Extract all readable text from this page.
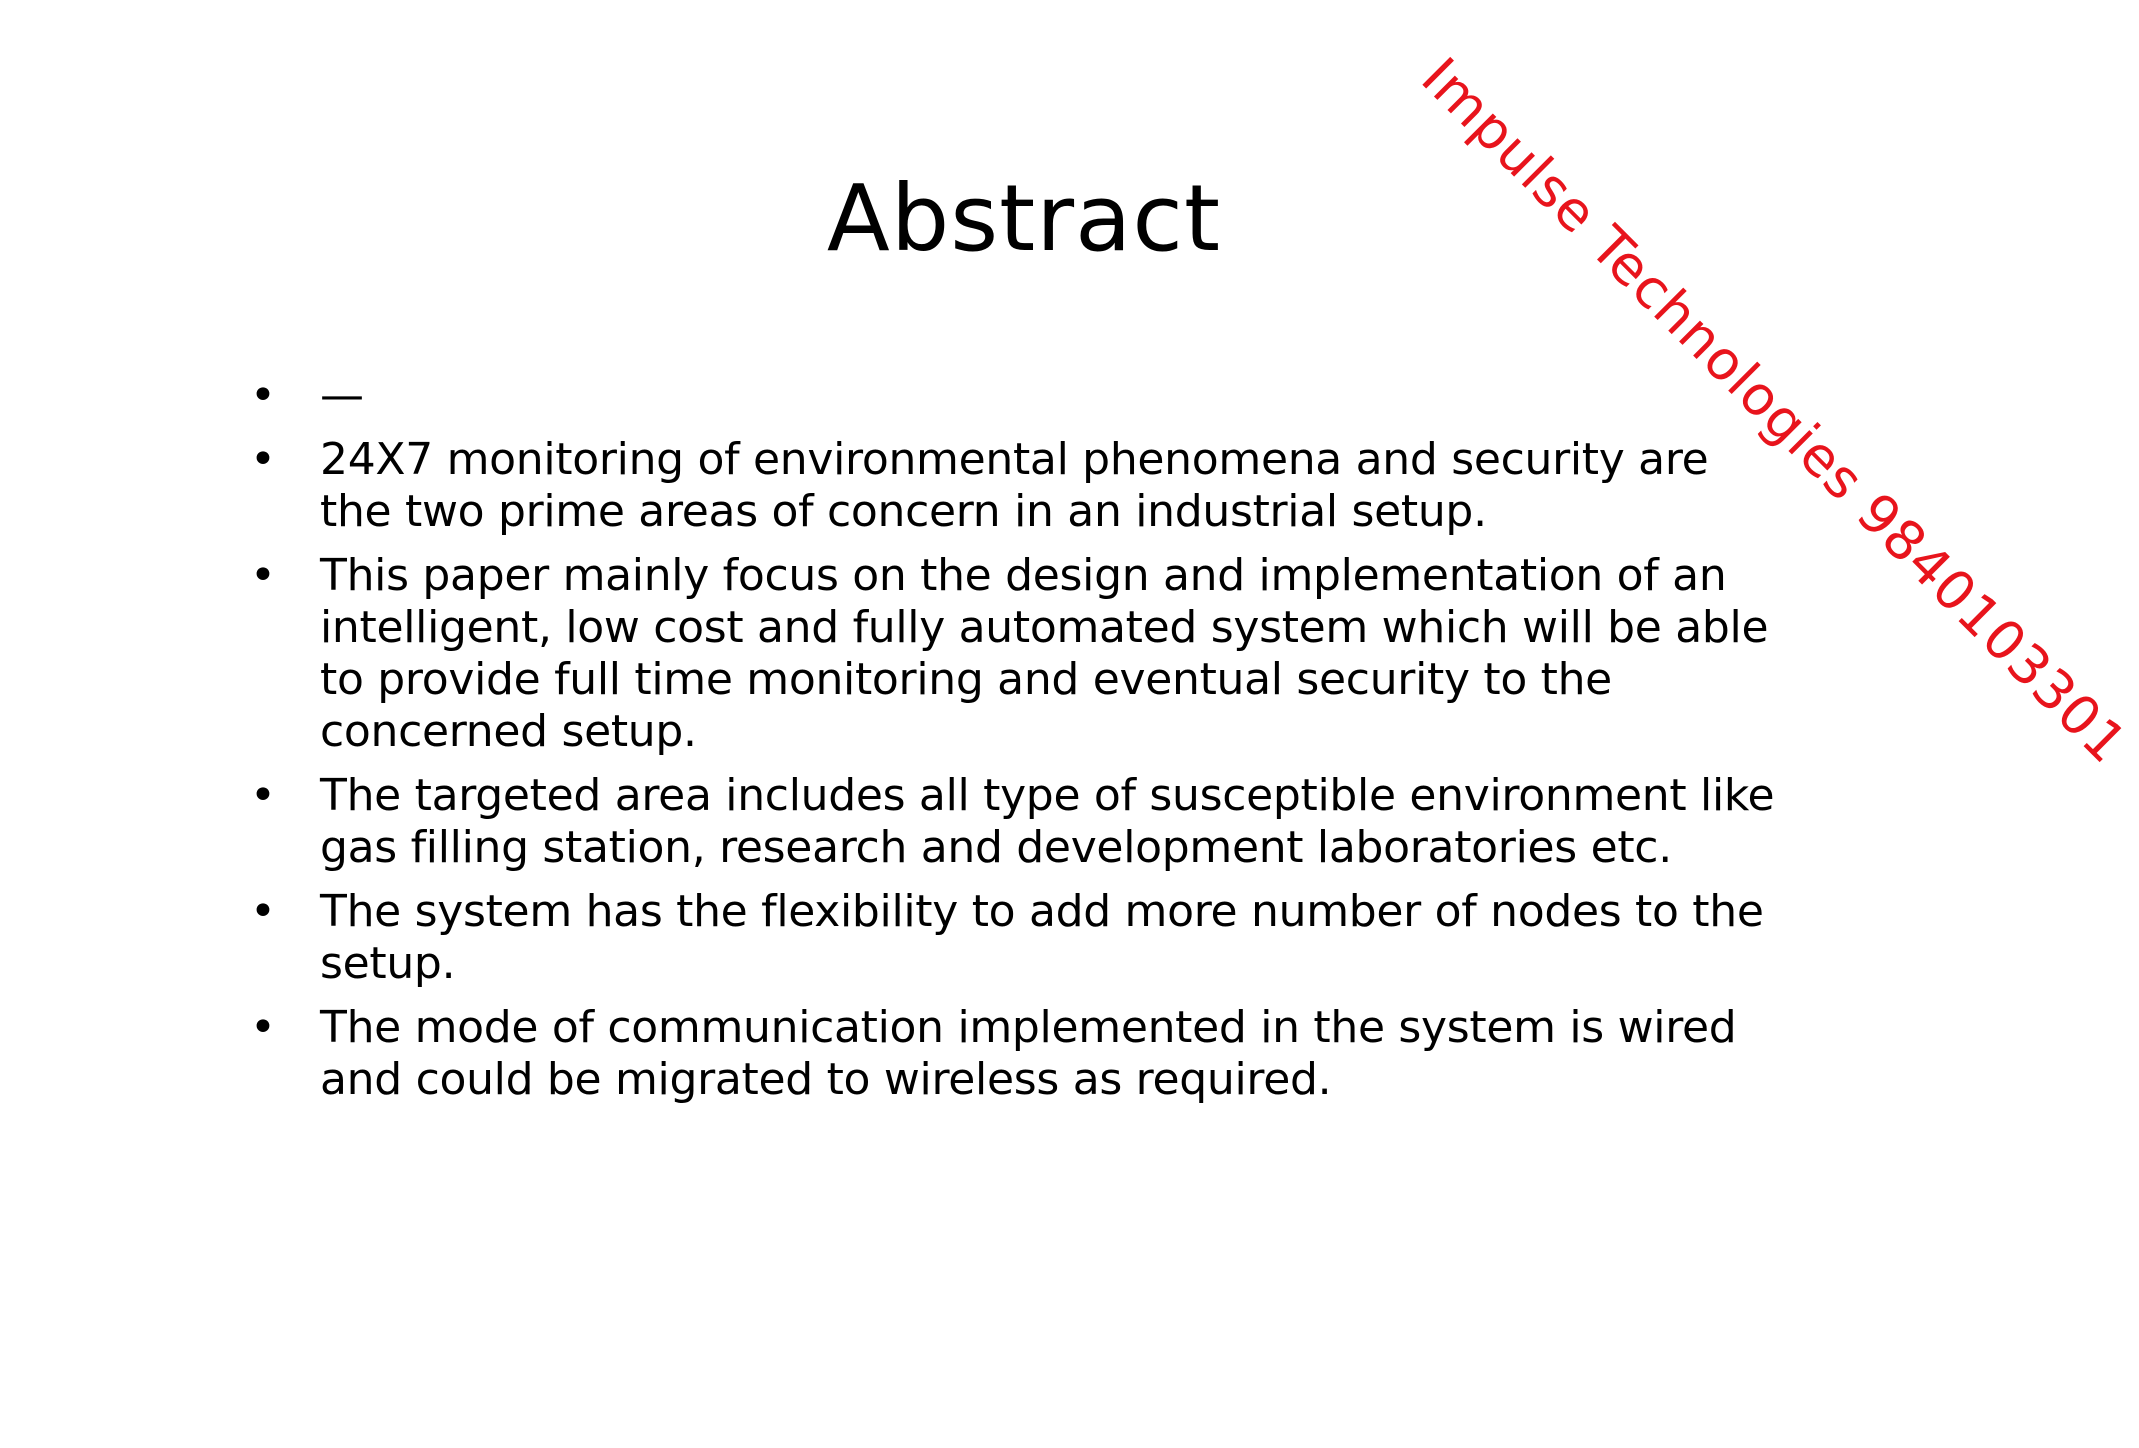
Abstract
•	—
•	24X7 monitoring of environmental phenomena and security are the two prime areas of concern in an industrial setup.
•	This paper mainly focus on the design and implementation of an intelligent, low cost and fully automated system which will be able to provide full time monitoring and eventual security to the concerned setup.
•	The targeted area includes all type of susceptible environment like gas filling station, research and development laboratories etc.
•	The system has the flexibility to add more number of nodes to the setup.
•	The mode of communication implemented in the system is wired and could be migrated to wireless as required.
Impulse Technologies 9840103301
